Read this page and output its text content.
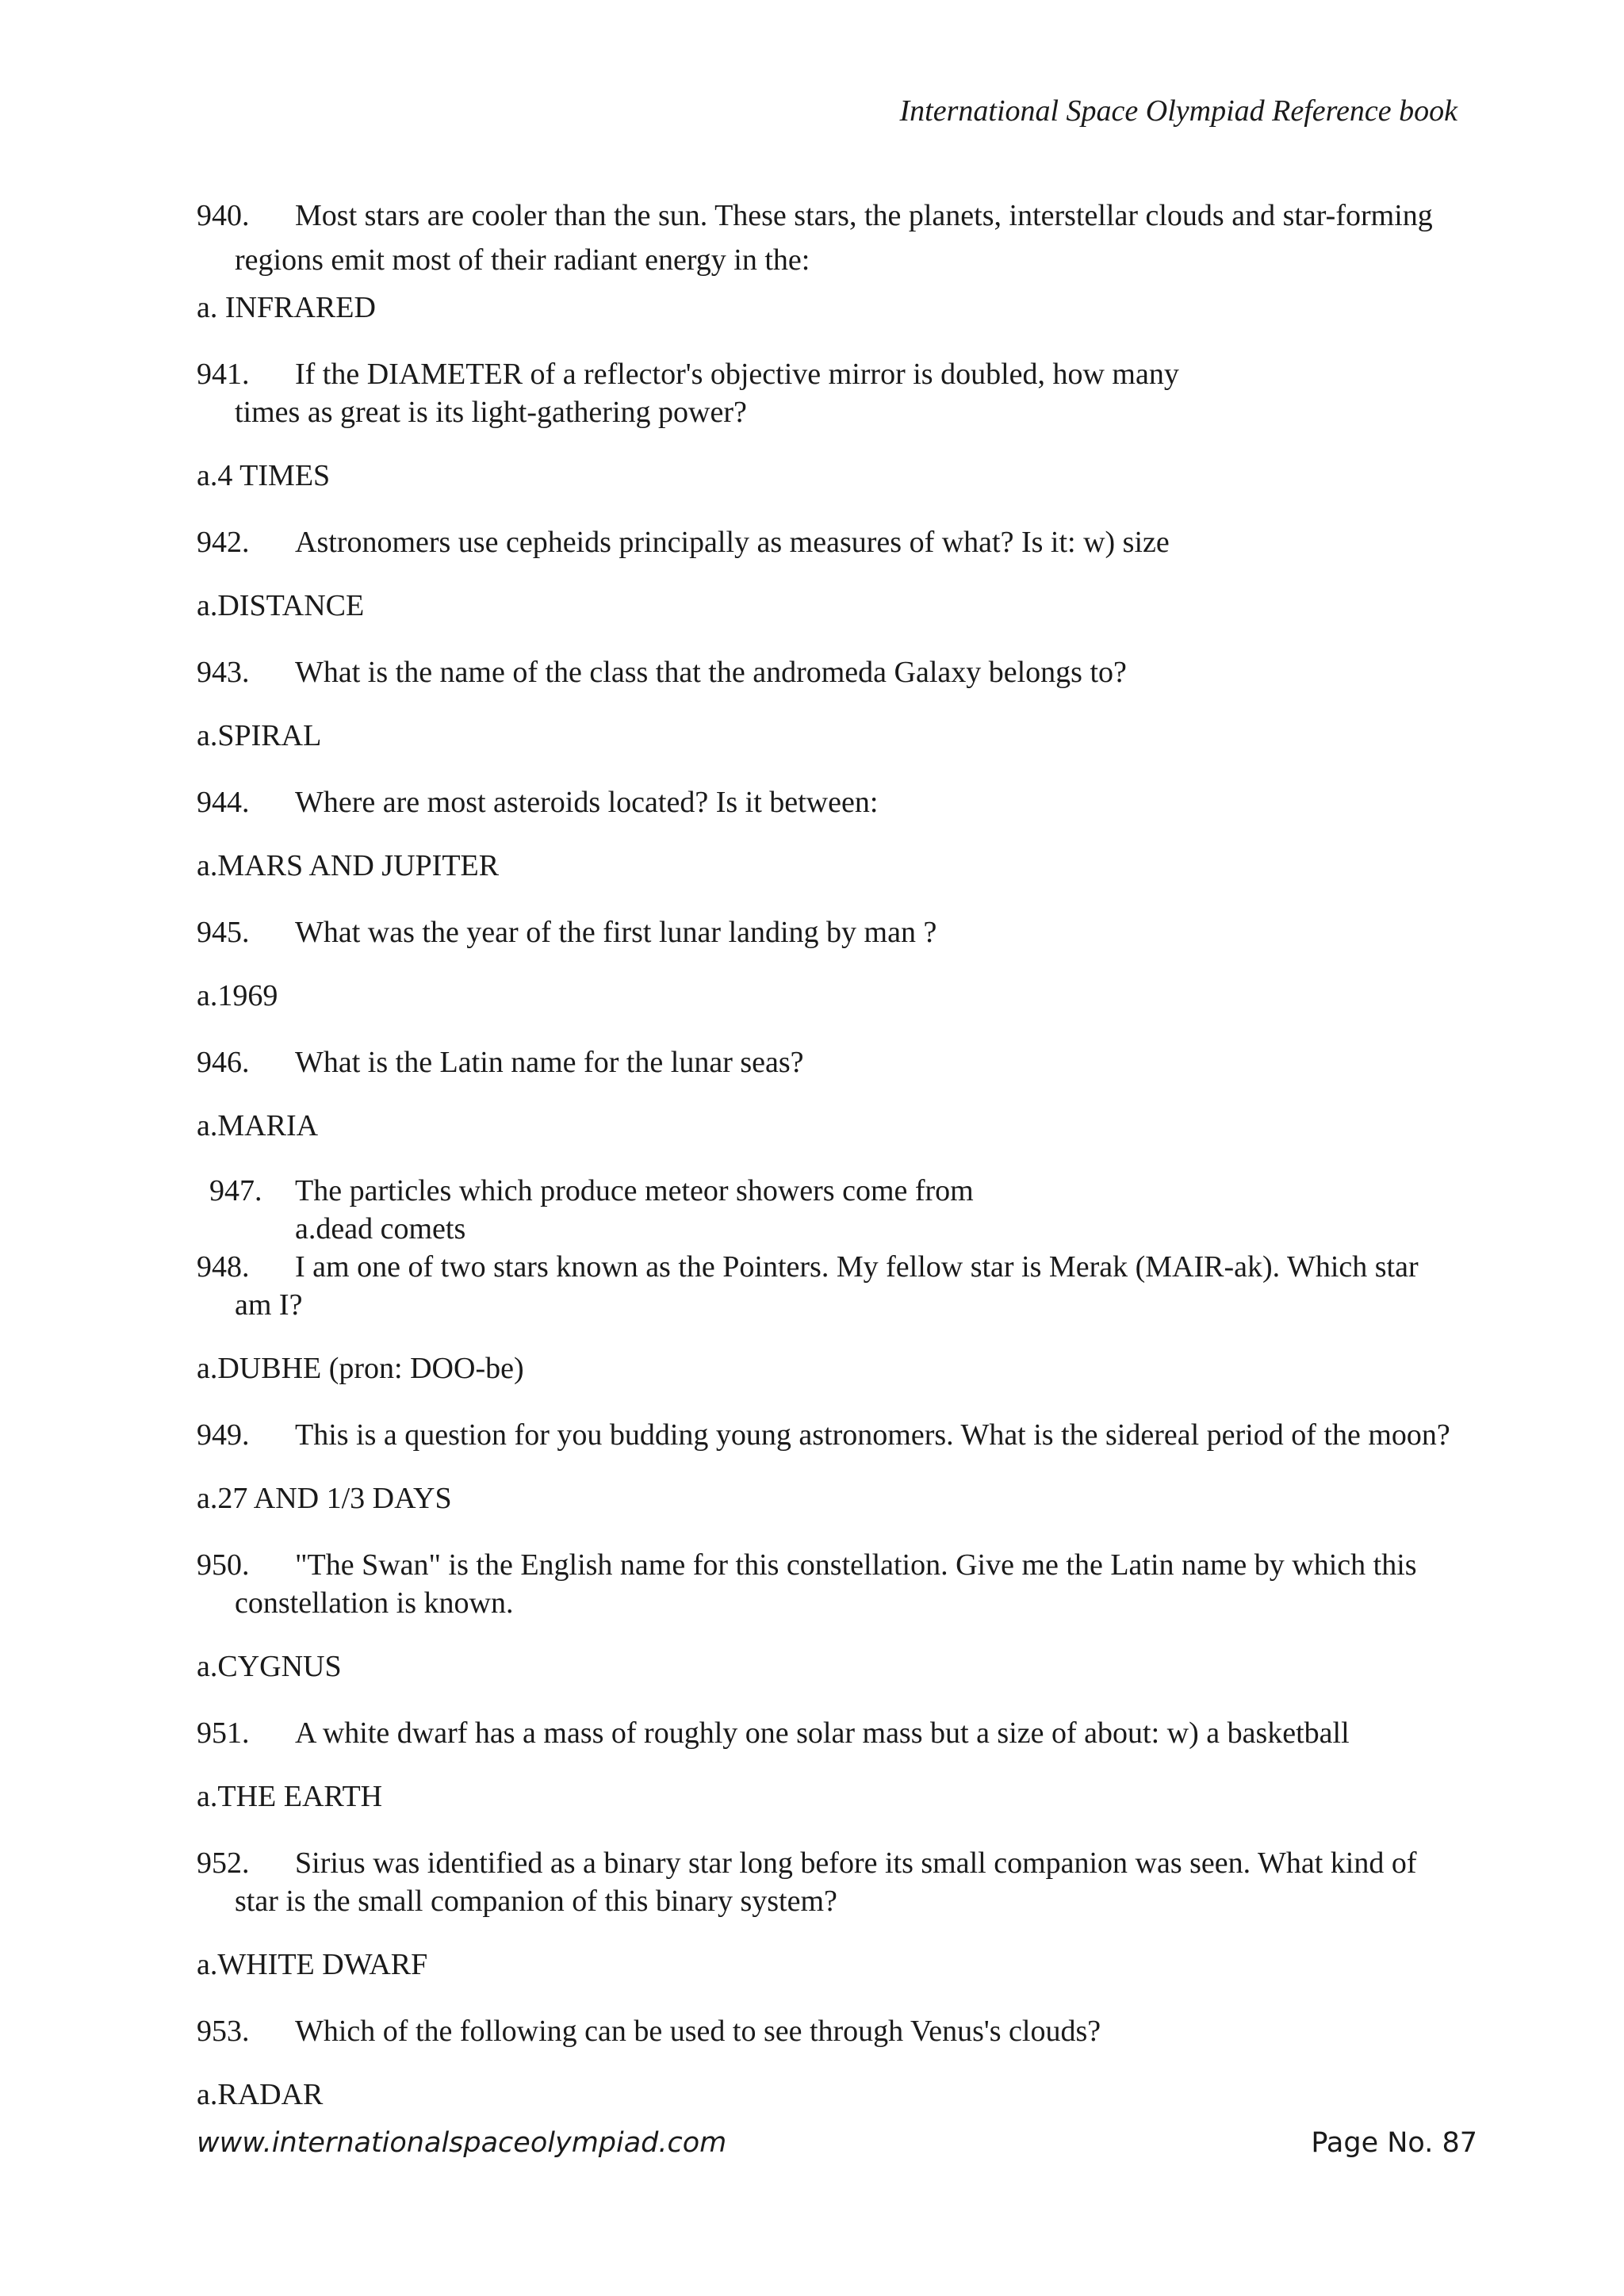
International Space Olympiad Reference book
940. Most stars are cooler than the sun. These stars, the planets, interstellar clouds and star-forming
regions emit most of their radiant energy in the:
a. INFRARED
941. If the DIAMETER of a reflector's objective mirror is doubled, how many
times as great is its light-gathering power?
a.4 TIMES
942. Astronomers use cepheids principally as measures of what? Is it: w) size
a.DISTANCE
943. What is the name of the class that the andromeda Galaxy belongs to?
a.SPIRAL
944. Where are most asteroids located? Is it between:
a.MARS AND JUPITER
945. What was the year of the first lunar landing by man ?
a.1969
946. What is the Latin name for the lunar seas?
a.MARIA
947. The particles which produce meteor showers come from
a.dead comets
948. I am one of two stars known as the Pointers. My fellow star is Merak (MAIR-ak). Which star
am I?
a.DUBHE (pron: DOO-be)
949. This is a question for you budding young astronomers. What is the sidereal period of the moon?
a.27 AND 1/3 DAYS
950. "The Swan" is the English name for this constellation. Give me the Latin name by which this
constellation is known.
a.CYGNUS
951. A white dwarf has a mass of roughly one solar mass but a size of about: w) a basketball
a.THE EARTH
952. Sirius was identified as a binary star long before its small companion was seen. What kind of
star is the small companion of this binary system?
a.WHITE DWARF
953. Which of the following can be used to see through Venus's clouds?
a.RADAR
www.internationalspaceolympiad.com	Page No. 87
